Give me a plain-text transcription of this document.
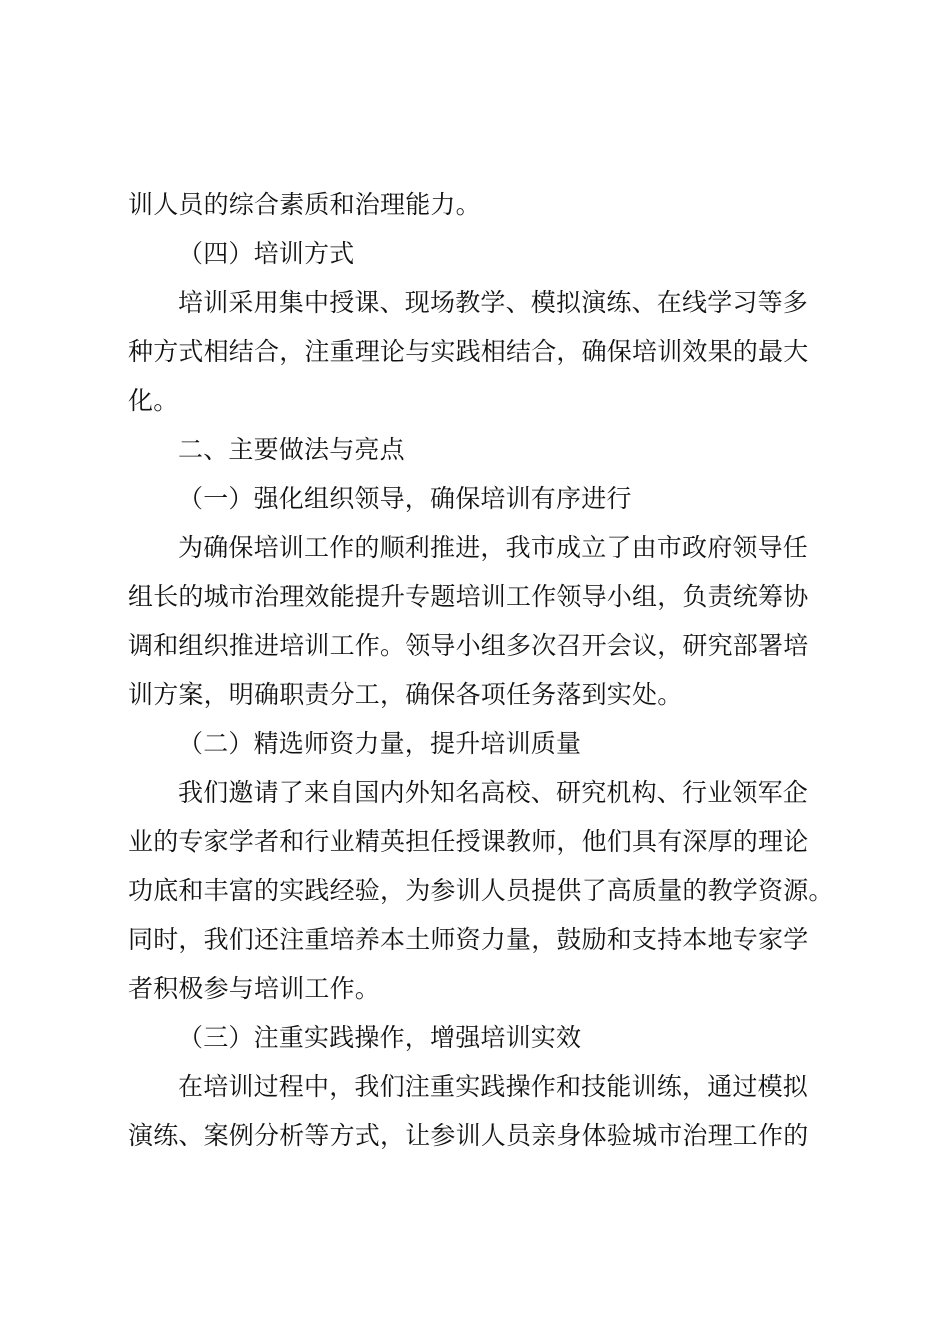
训人员的综合素质和治理能力。
（四）培训方式
培训采用集中授课、现场教学、模拟演练、在线学习等多
种方式相结合，注重理论与实践相结合，确保培训效果的最大
化。
二、主要做法与亮点
（一）强化组织领导，确保培训有序进行
为确保培训工作的顺利推进，我市成立了由市政府领导任
组长的城市治理效能提升专题培训工作领导小组，负责统筹协
调和组织推进培训工作。领导小组多次召开会议，研究部署培
训方案，明确职责分工，确保各项任务落到实处。
（二）精选师资力量，提升培训质量
我们邀请了来自国内外知名高校、研究机构、行业领军企
业的专家学者和行业精英担任授课教师，他们具有深厚的理论
功底和丰富的实践经验，为参训人员提供了高质量的教学资源。
同时，我们还注重培养本土师资力量，鼓励和支持本地专家学
者积极参与培训工作。
（三）注重实践操作，增强培训实效
在培训过程中，我们注重实践操作和技能训练，通过模拟
演练、案例分析等方式，让参训人员亲身体验城市治理工作的
